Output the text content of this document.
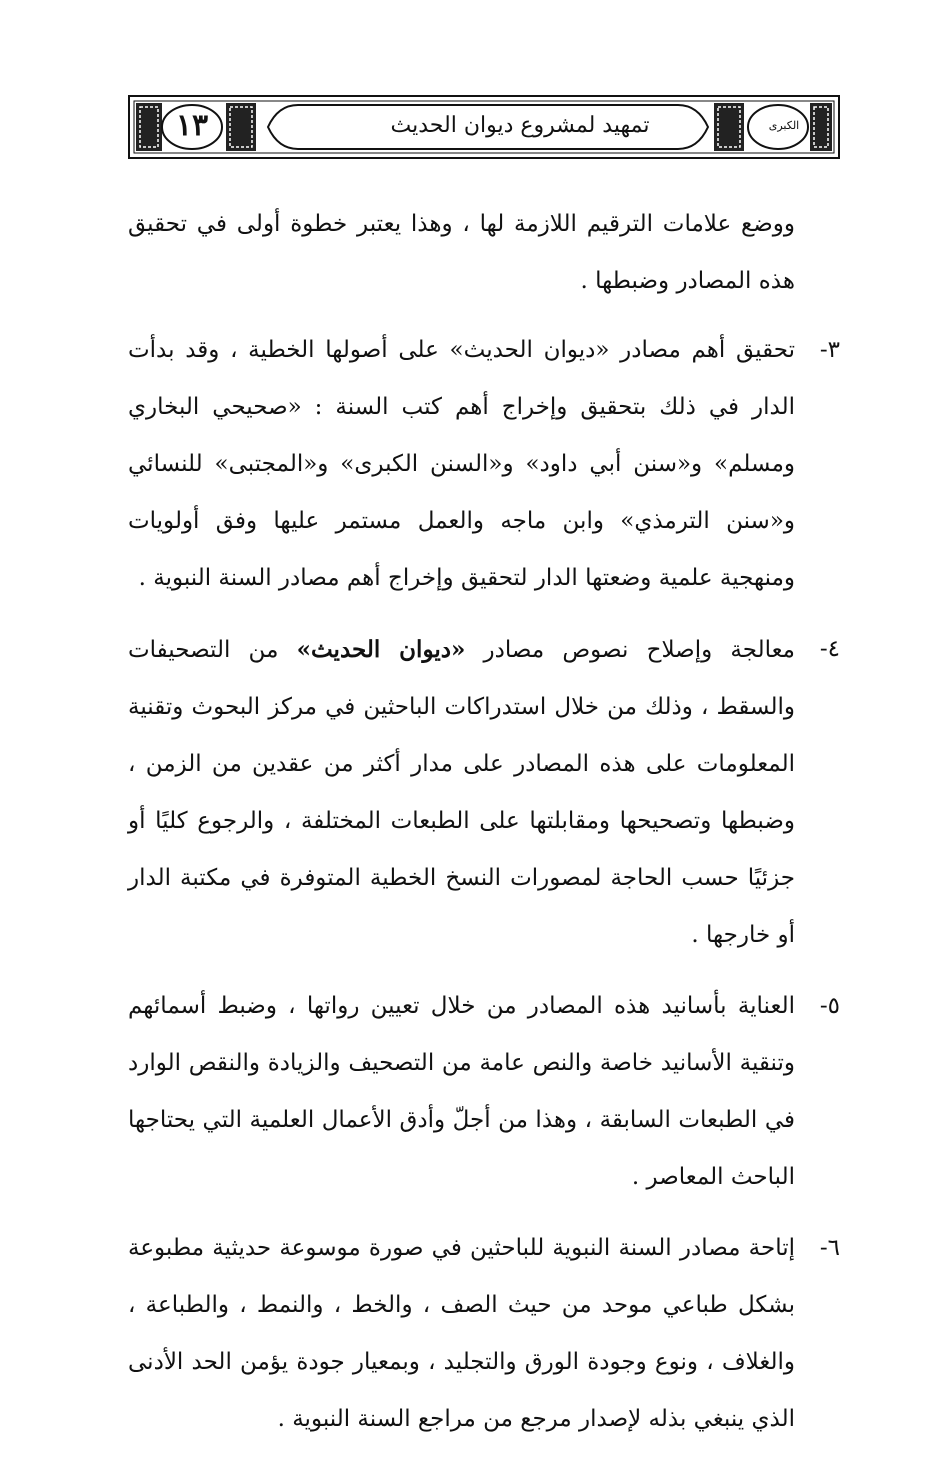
١٣	تمهيد لمشروع ديوان الحديث	الكبرى

ووضع علامات الترقيم اللازمة لها ، وهذا يعتبر خطوة أولى في تحقيق هذه المصادر وضبطها .

٣-
تحقيق أهم مصادر «ديوان الحديث» على أصولها الخطية ، وقد بدأت الدار في ذلك بتحقيق وإخراج أهم كتب السنة : «صحيحي البخاري ومسلم» و«سنن أبي داود» و«السنن الكبرى» و«المجتبى» للنسائي و«سنن الترمذي» وابن ماجه والعمل مستمر عليها وفق أولويات ومنهجية علمية وضعتها الدار لتحقيق وإخراج أهم مصادر السنة النبوية .
٤-
معالجة وإصلاح نصوص مصادر «ديوان الحديث» من التصحيفات والسقط ، وذلك من خلال استدراكات الباحثين في مركز البحوث وتقنية المعلومات على هذه المصادر على مدار أكثر من عقدين من الزمن ، وضبطها وتصحيحها ومقابلتها على الطبعات المختلفة ، والرجوع كليًا أو جزئيًا حسب الحاجة لمصورات النسخ الخطية المتوفرة في مكتبة الدار أو خارجها .
٥-
العناية بأسانيد هذه المصادر من خلال تعيين رواتها ، وضبط أسمائهم وتنقية الأسانيد خاصة والنص عامة من التصحيف والزيادة والنقص الوارد في الطبعات السابقة ، وهذا من أجلّ وأدق الأعمال العلمية التي يحتاجها الباحث المعاصر .
٦-
إتاحة مصادر السنة النبوية للباحثين في صورة موسوعة حديثية مطبوعة بشكل طباعي موحد من حيث الصف ، والخط ، والنمط ، والطباعة ، والغلاف ، ونوع وجودة الورق والتجليد ، وبمعيار جودة يؤمن الحد الأدنى الذي ينبغي بذله لإصدار مرجع من مراجع السنة النبوية .
